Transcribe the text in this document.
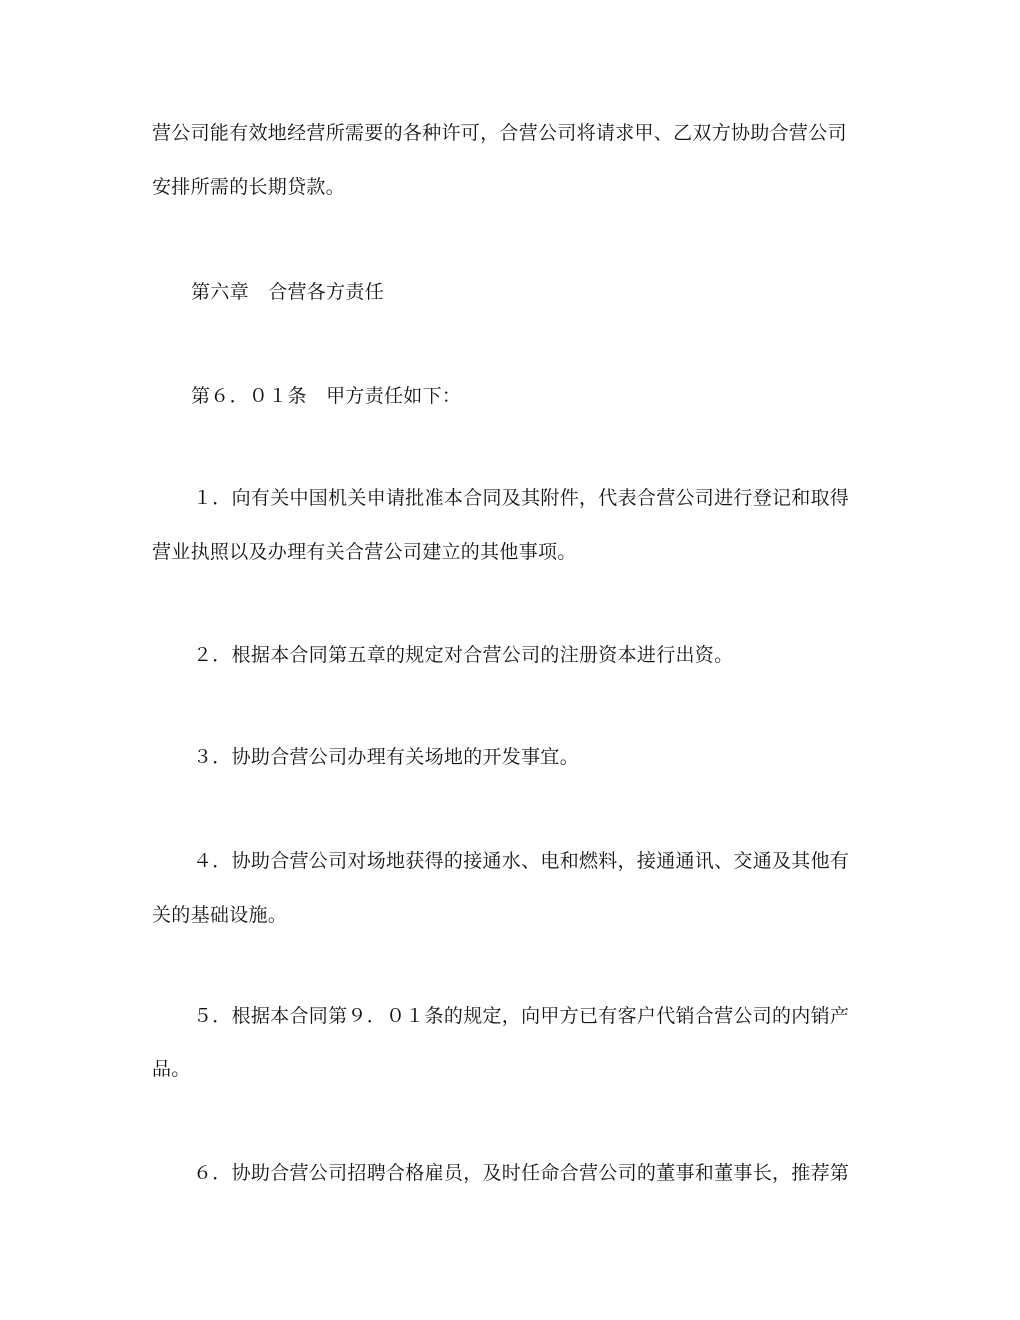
营公司能有效地经营所需要的各种许可，合营公司将请求甲、乙双方协助合营公司
安排所需的长期贷款。
第六章　合营各方责任
第６．０１条　甲方责任如下：
１．向有关中国机关申请批准本合同及其附件，代表合营公司进行登记和取得
营业执照以及办理有关合营公司建立的其他事项。
２．根据本合同第五章的规定对合营公司的注册资本进行出资。
３．协助合营公司办理有关场地的开发事宜。
４．协助合营公司对场地获得的接通水、电和燃料，接通通讯、交通及其他有
关的基础设施。
５．根据本合同第９．０１条的规定，向甲方已有客户代销合营公司的内销产
品。
６．协助合营公司招聘合格雇员，及时任命合营公司的董事和董事长，推荐第
